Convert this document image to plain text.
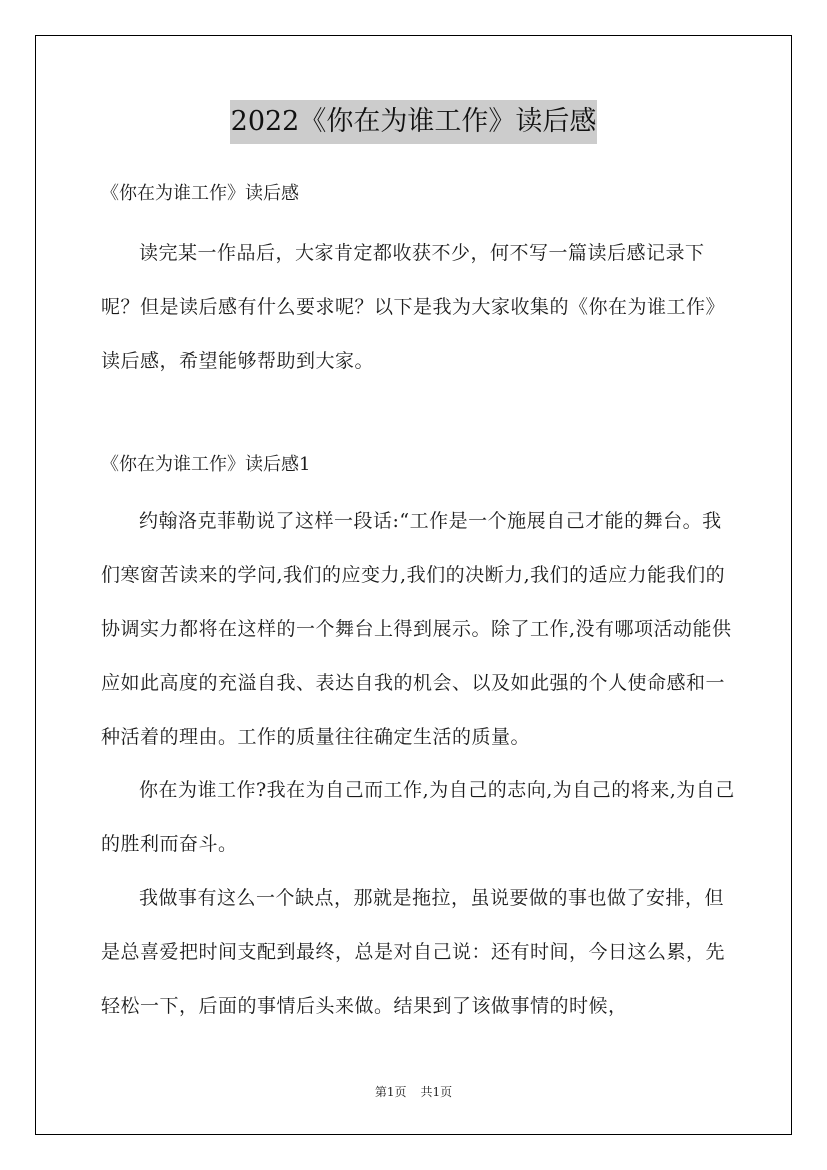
2022《你在为谁工作》读后感

《你在为谁工作》读后感

读完某一作品后，大家肯定都收获不少，何不写一篇读后感记录下呢？但是读后感有什么要求呢？以下是我为大家收集的《你在为谁工作》读后感，希望能够帮助到大家。

《你在为谁工作》读后感1

约翰洛克菲勒说了这样一段话:“工作是一个施展自己才能的舞台。我们寒窗苦读来的学问,我们的应变力,我们的决断力,我们的适应力能我们的协调实力都将在这样的一个舞台上得到展示。除了工作,没有哪项活动能供应如此高度的充溢自我、表达自我的机会、以及如此强的个人使命感和一种活着的理由。工作的质量往往确定生活的质量。

你在为谁工作?我在为自己而工作,为自己的志向,为自己的将来,为自己的胜利而奋斗。

我做事有这么一个缺点，那就是拖拉，虽说要做的事也做了安排，但是总喜爱把时间支配到最终，总是对自己说：还有时间，今日这么累，先轻松一下，后面的事情后头来做。结果到了该做事情的时候，

第1页 共1页
